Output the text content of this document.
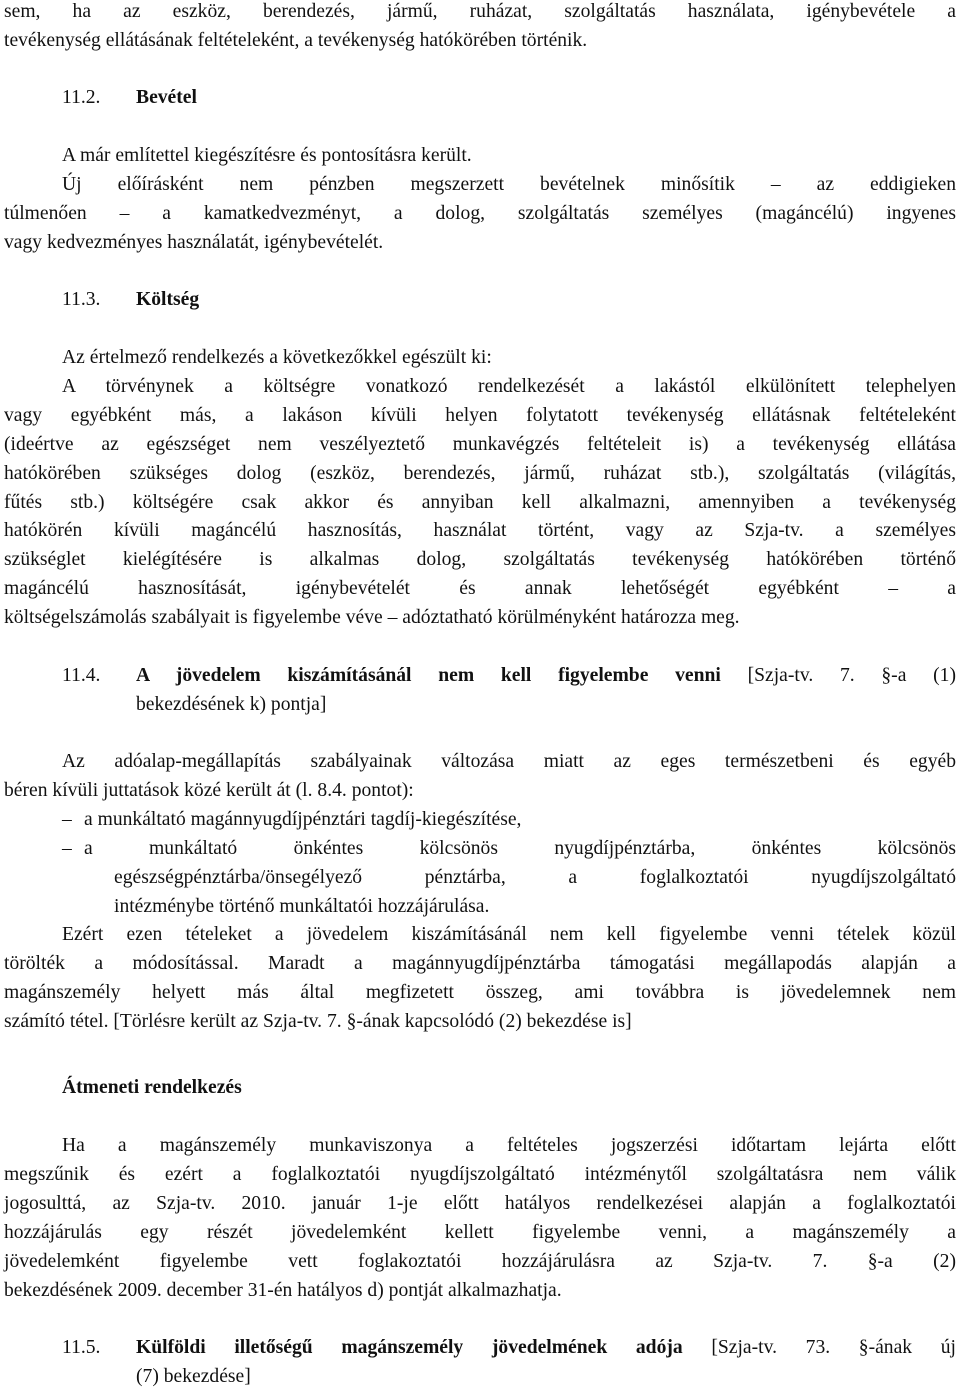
sem, ha az eszköz, berendezés, jármű, ruházat, szolgáltatás használata, igénybevétele a

tevékenység ellátásának feltételeként, a tevékenység hatókörében történik.

11.2.	Bevétel

A már említettel kiegészítésre és pontosításra került.

Új előírásként nem pénzben megszerzett bevételnek minősítik – az eddigieken

túlmenően – a kamatkedvezményt, a dolog, szolgáltatás személyes (magáncélú) ingyenes

vagy kedvezményes használatát, igénybevételét.

11.3.	Költség

Az értelmező rendelkezés a következőkkel egészült ki:

A törvénynek a költségre vonatkozó rendelkezését a lakástól elkülönített telephelyen

vagy egyébként más, a lakáson kívüli helyen folytatott tevékenység ellátásnak feltételeként

(ideértve az egészséget nem veszélyeztető munkavégzés feltételeit is) a tevékenység ellátása

hatókörében szükséges dolog (eszköz, berendezés, jármű, ruházat stb.), szolgáltatás (világítás,

fűtés stb.) költségére csak akkor és annyiban kell alkalmazni, amennyiben a tevékenység

hatókörén kívüli magáncélú hasznosítás, használat történt, vagy az Szja-tv. a személyes

szükséglet kielégítésére is alkalmas dolog, szolgáltatás tevékenység hatókörében történő

magáncélú hasznosítását, igénybevételét és annak lehetőségét egyébként – a

költségelszámolás szabályait is figyelembe véve – adóztatható körülményként határozza meg.

11.4.	A jövedelem kiszámításánál nem kell figyelembe venni [Szja-tv. 7. §-a (1)

bekezdésének k) pontja]

Az adóalap-megállapítás szabályainak változása miatt az eges természetbeni és egyéb

béren kívüli juttatások közé került át (l. 8.4. pontot):

– a munkáltató magánnyugdíjpénztári tagdíj-kiegészítése,
– a munkáltató önkéntes kölcsönös nyugdíjpénztárba, önkéntes kölcsönös

egészségpénztárba/önsegélyező pénztárba, a foglalkoztatói nyugdíjszolgáltató

intézménybe történő munkáltatói hozzájárulása.

Ezért ezen tételeket a jövedelem kiszámításánál nem kell figyelembe venni tételek közül

törölték a módosítással. Maradt a magánnyugdíjpénztárba támogatási megállapodás alapján a

magánszemély helyett más által megfizetett összeg, ami továbbra is jövedelemnek nem

számító tétel. [Törlésre került az Szja-tv. 7. §-ának kapcsolódó (2) bekezdése is]

Átmeneti rendelkezés

Ha a magánszemély munkaviszonya a feltételes jogszerzési időtartam lejárta előtt

megszűnik és ezért a foglalkoztatói nyugdíjszolgáltató intézménytől szolgáltatásra nem válik

jogosulttá, az Szja-tv. 2010. január 1-je előtt hatályos rendelkezései alapján a foglalkoztatói

hozzájárulás egy részét jövedelemként kellett figyelembe venni, a magánszemély a

jövedelemként figyelembe vett foglakoztatói hozzájárulásra az Szja-tv. 7. §-a (2)

bekezdésének 2009. december 31-én hatályos d) pontját alkalmazhatja.

11.5.	Külföldi illetőségű magánszemély jövedelmének adója [Szja-tv. 73. §-ának új

(7) bekezdése]
